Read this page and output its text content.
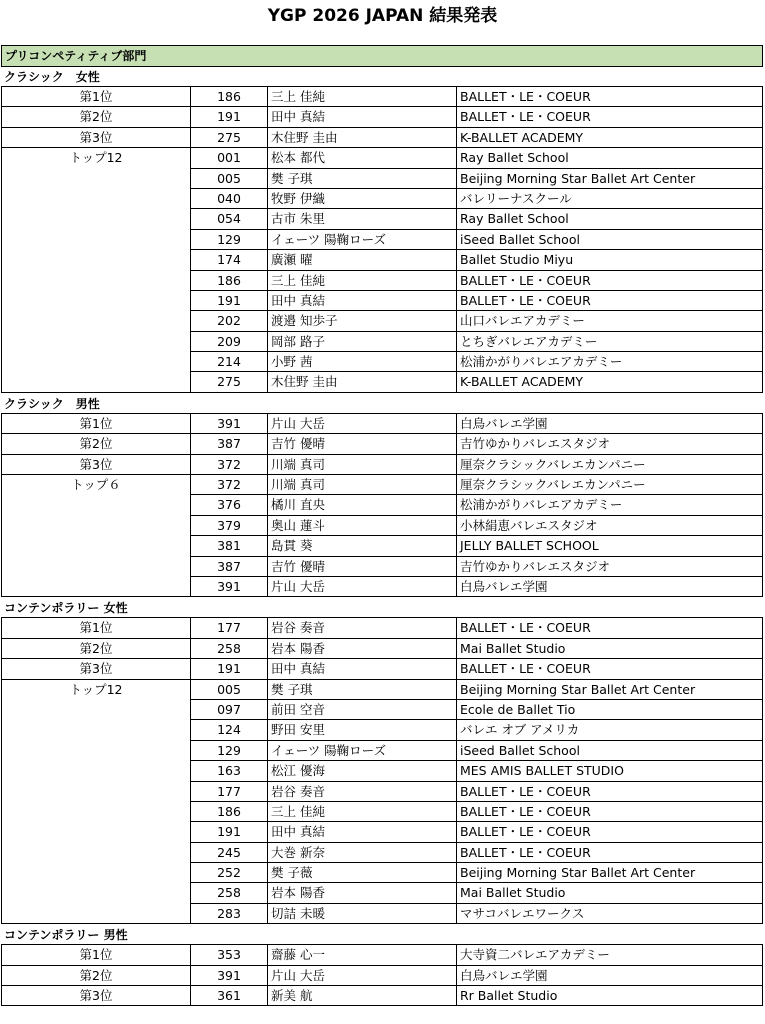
YGP 2026 JAPAN 結果発表
プリコンペティティブ部門
クラシック　女性
第1位	186	三上 佳純	BALLET・LE・COEUR
第2位	191	田中 真結	BALLET・LE・COEUR
第3位	275	木住野 圭由	K-BALLET ACADEMY
トップ12	001	松本 都代	Ray Ballet School
005	樊 子琪	Beijing Morning Star Ballet Art Center
040	牧野 伊織	バレリーナスクール
054	古市 朱里	Ray Ballet School
129	イェーツ 陽鞠ローズ	iSeed Ballet School
174	廣瀬 曜	Ballet Studio Miyu
186	三上 佳純	BALLET・LE・COEUR
191	田中 真結	BALLET・LE・COEUR
202	渡邉 知歩子	山口バレエアカデミー
209	岡部 路子	とちぎバレエアカデミー
214	小野 茜	松浦かがりバレエアカデミー
275	木住野 圭由	K-BALLET ACADEMY
クラシック　男性
第1位	391	片山 大岳	白鳥バレエ学園
第2位	387	吉竹 優晴	吉竹ゆかりバレエスタジオ
第3位	372	川端 真司	厘奈クラシックバレエカンパニー
トップ６	372	川端 真司	厘奈クラシックバレエカンパニー
376	橘川 直央	松浦かがりバレエアカデミー
379	奥山 蓮斗	小林絹恵バレエスタジオ
381	島貫 葵	JELLY BALLET SCHOOL
387	吉竹 優晴	吉竹ゆかりバレエスタジオ
391	片山 大岳	白鳥バレエ学園
コンテンポラリー 女性
第1位	177	岩谷 奏音	BALLET・LE・COEUR
第2位	258	岩本 陽香	Mai Ballet Studio
第3位	191	田中 真結	BALLET・LE・COEUR
トップ12	005	樊 子琪	Beijing Morning Star Ballet Art Center
097	前田 空音	Ecole de Ballet Tio
124	野田 安里	バレエ オブ アメリカ
129	イェーツ 陽鞠ローズ	iSeed Ballet School
163	松江 優海	MES AMIS BALLET STUDIO
177	岩谷 奏音	BALLET・LE・COEUR
186	三上 佳純	BALLET・LE・COEUR
191	田中 真結	BALLET・LE・COEUR
245	大巻 新奈	BALLET・LE・COEUR
252	樊 子薇	Beijing Morning Star Ballet Art Center
258	岩本 陽香	Mai Ballet Studio
283	切詰 未暖	マサコバレエワークス
コンテンポラリー 男性
第1位	353	齋藤 心一	大寺資二バレエアカデミー
第2位	391	片山 大岳	白鳥バレエ学園
第3位	361	新美 航	Rr Ballet Studio
